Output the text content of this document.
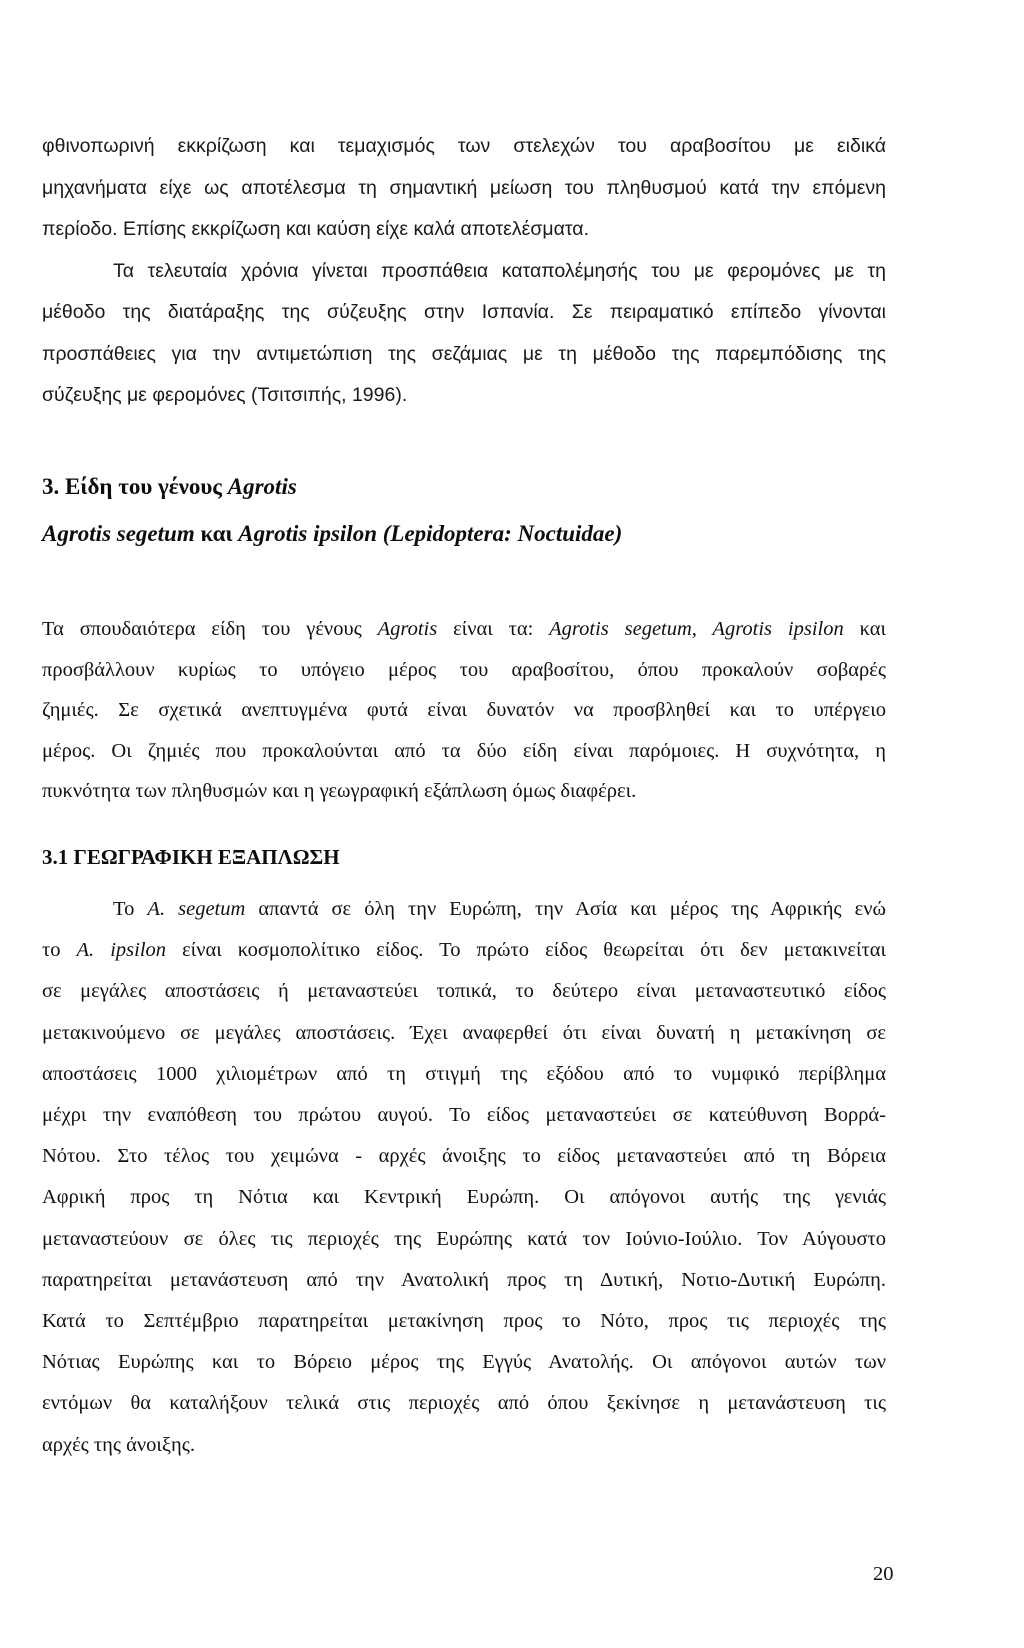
φθινοπωρινή εκκρίζωση και τεμαχισμός των στελεχών του αραβοσίτου με ειδικά
μηχανήματα είχε ως αποτέλεσμα τη σημαντική μείωση του πληθυσμού κατά την επόμενη
περίοδο. Επίσης εκκρίζωση και καύση είχε καλά αποτελέσματα.
Τα τελευταία χρόνια γίνεται προσπάθεια καταπολέμησής του με φερομόνες με τη
μέθοδο της διατάραξης της σύζευξης στην Ισπανία. Σε πειραματικό επίπεδο γίνονται
προσπάθειες για την αντιμετώπιση της σεζάμιας με τη μέθοδο της παρεμπόδισης της
σύζευξης με φερομόνες (Τσιτσιπής, 1996).
3. Είδη του γένους Agrotis
Agrotis segetum και Agrotis ipsilon (Lepidoptera: Noctuidae)
Τα σπουδαιότερα είδη του γένους Agrotis είναι τα: Agrotis segetum, Agrotis ipsilon και
προσβάλλουν κυρίως το υπόγειο μέρος του αραβοσίτου, όπου προκαλούν σοβαρές
ζημιές. Σε σχετικά ανεπτυγμένα φυτά είναι δυνατόν να προσβληθεί και το υπέργειο
μέρος. Οι ζημιές που προκαλούνται από τα δύο είδη είναι παρόμοιες. Η συχνότητα, η
πυκνότητα των πληθυσμών και η γεωγραφική εξάπλωση όμως διαφέρει.
3.1 ΓΕΩΓΡΑΦΙΚΗ ΕΞΑΠΛΩΣΗ
Το A. segetum απαντά σε όλη την Ευρώπη, την Ασία και μέρος της Αφρικής ενώ
το A. ipsilon είναι κοσμοπολίτικο είδος. Το πρώτο είδος θεωρείται ότι δεν μετακινείται
σε μεγάλες αποστάσεις ή μεταναστεύει τοπικά, το δεύτερο είναι μεταναστευτικό είδος
μετακινούμενο σε μεγάλες αποστάσεις. Έχει αναφερθεί ότι είναι δυνατή η μετακίνηση σε
αποστάσεις 1000 χιλιομέτρων από τη στιγμή της εξόδου από το νυμφικό περίβλημα
μέχρι την εναπόθεση του πρώτου αυγού. Το είδος μεταναστεύει σε κατεύθυνση Βορρά-
Νότου. Στο τέλος του χειμώνα - αρχές άνοιξης το είδος μεταναστεύει από τη Βόρεια
Αφρική προς τη Νότια και Κεντρική Ευρώπη. Οι απόγονοι αυτής της γενιάς
μεταναστεύουν σε όλες τις περιοχές της Ευρώπης κατά τον Ιούνιο-Ιούλιο. Τον Αύγουστο
παρατηρείται μετανάστευση από την Ανατολική προς τη Δυτική, Νοτιο-Δυτική Ευρώπη.
Κατά το Σεπτέμβριο παρατηρείται μετακίνηση προς το Νότο, προς τις περιοχές της
Νότιας Ευρώπης και το Βόρειο μέρος της Εγγύς Ανατολής. Οι απόγονοι αυτών των
εντόμων θα καταλήξουν τελικά στις περιοχές από όπου ξεκίνησε η μετανάστευση τις
αρχές της άνοιξης.
20
